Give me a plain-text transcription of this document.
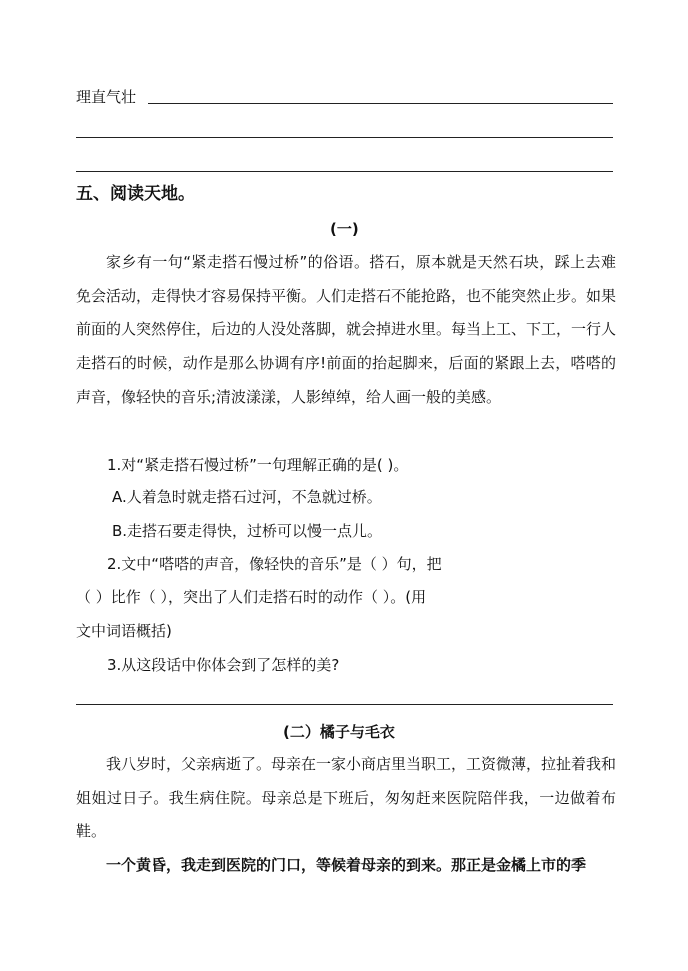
理直气壮
五、阅读天地。
(一)
家乡有一句“紧走搭石慢过桥”的俗语。搭石，原本就是天然石块，踩上去难免会活动，走得快才容易保持平衡。人们走搭石不能抢路，也不能突然止步。如果前面的人突然停住，后边的人没处落脚，就会掉进水里。每当上工、下工，一行人走搭石的时候，动作是那么协调有序!前面的抬起脚来，后面的紧跟上去，嗒嗒的声音，像轻快的音乐;清波漾漾，人影绰绰，给人画一般的美感。
1.对“紧走搭石慢过桥”一句理解正确的是( )。
A.人着急时就走搭石过河，不急就过桥。
B.走搭石要走得快，过桥可以慢一点儿。
2.文中“嗒嗒的声音，像轻快的音乐”是（ ）句，把
（ ）比作（ ），突出了人们走搭石时的动作（ ）。(用
文中词语概括)
3.从这段话中你体会到了怎样的美?
(二）橘子与毛衣
我八岁时，父亲病逝了。母亲在一家小商店里当职工，工资微薄，拉扯着我和姐姐过日子。我生病住院。母亲总是下班后，匆匆赶来医院陪伴我，一边做着布鞋。
一个黄昏，我走到医院的门口，等候着母亲的到来。那正是金橘上市的季
